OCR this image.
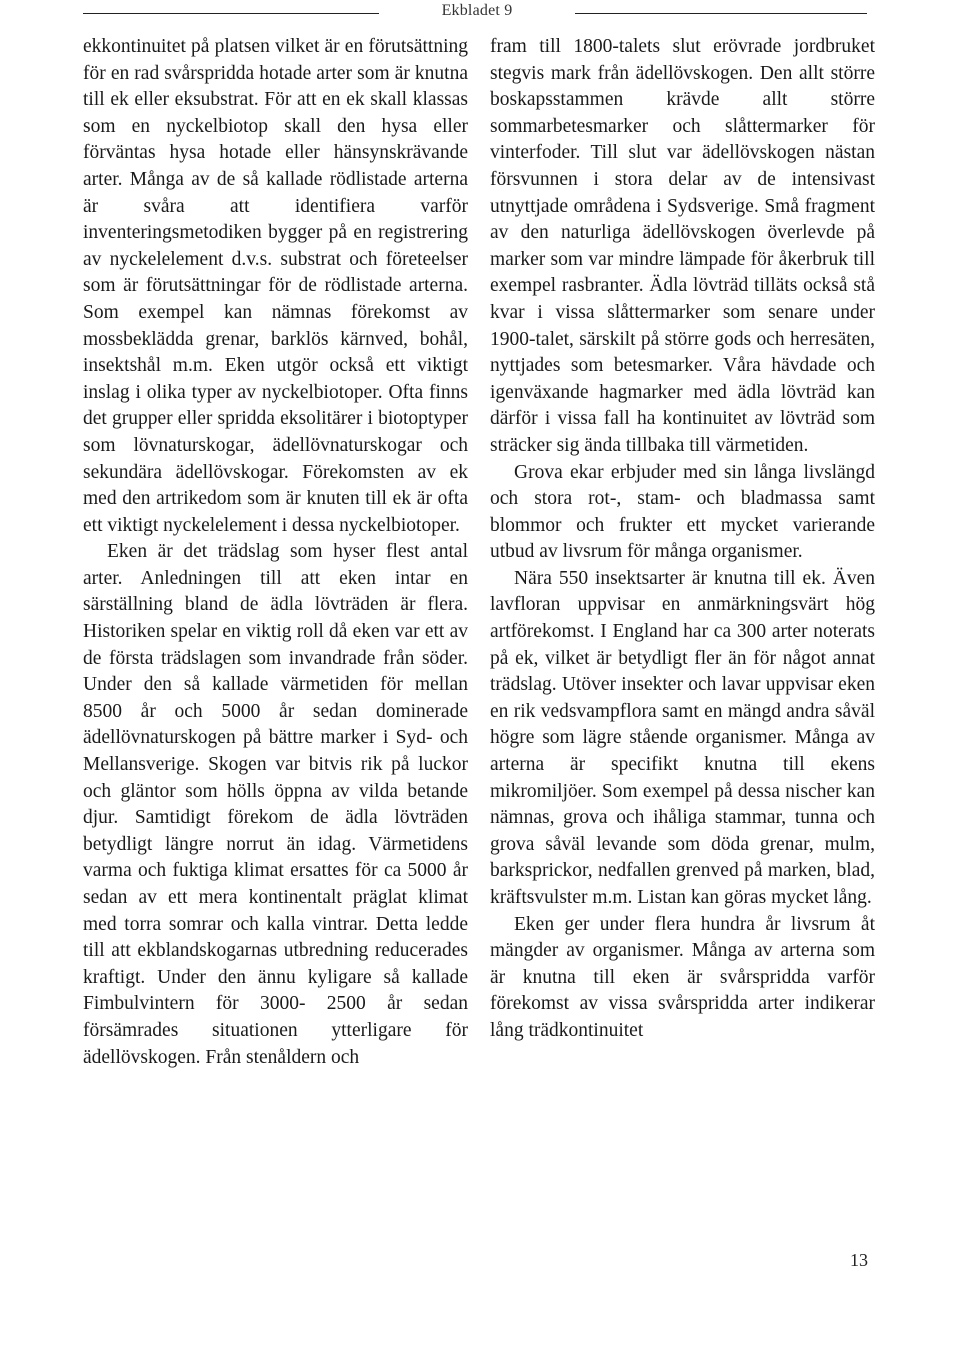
Ekbladet 9

ekkontinuitet på platsen vilket är en förutsättning för en rad svårspridda hotade arter som är knutna till ek eller eksubstrat. För att en ek skall klassas som en nyckelbiotop skall den hysa eller förväntas hysa hotade eller hänsynskrävande arter. Många av de så kallade rödlistade arterna är svåra att identifiera varför inventeringsmetodiken bygger på en registrering av nyckelelement d.v.s. substrat och företeelser som är förutsättningar för de rödlistade arterna. Som exempel kan nämnas förekomst av mossbeklädda grenar, barklös kärnved, bohål, insektshål m.m. Eken utgör också ett viktigt inslag i olika typer av nyckelbiotoper. Ofta finns det grupper eller spridda eksolitärer i biotoptyper som lövnaturskogar, ädellövnaturskogar och sekundära ädellövskogar. Förekomsten av ek med den artrikedom som är knuten till ek är ofta ett viktigt nyckelelement i dessa nyckelbiotoper.

Eken är det trädslag som hyser flest antal arter. Anledningen till att eken intar en särställning bland de ädla lövträden är flera. Historiken spelar en viktig roll då eken var ett av de första trädslagen som invandrade från söder. Under den så kallade värmetiden för mellan 8500 år och 5000 år sedan dominerade ädellövnaturskogen på bättre marker i Syd- och Mellansverige. Skogen var bitvis rik på luckor och gläntor som hölls öppna av vilda betande djur. Samtidigt förekom de ädla lövträden betydligt längre norrut än idag. Värmetidens varma och fuktiga klimat ersattes för ca 5000 år sedan av ett mera kontinentalt präglat klimat med torra somrar och kalla vintrar. Detta ledde till att ekblandskogarnas utbredning reducerades kraftigt. Under den ännu kyligare så kallade Fimbulvintern för 3000- 2500 år sedan försämrades situationen ytterligare för ädellövskogen. Från stenåldern och

fram till 1800-talets slut erövrade jordbruket stegvis mark från ädellövskogen. Den allt större boskapsstammen krävde allt större sommarbetesmarker och slåttermarker för vinterfoder. Till slut var ädellövskogen nästan försvunnen i stora delar av de intensivast utnyttjade områdena i Sydsverige. Små fragment av den naturliga ädellövskogen överlevde på marker som var mindre lämpade för åkerbruk till exempel rasbranter. Ädla lövträd tilläts också stå kvar i vissa slåttermarker som senare under 1900-talet, särskilt på större gods och herresäten, nyttjades som betesmarker. Våra hävdade och igenväxande hagmarker med ädla lövträd kan därför i vissa fall ha kontinuitet av lövträd som sträcker sig ända tillbaka till värmetiden.

Grova ekar erbjuder med sin långa livslängd och stora rot-, stam- och bladmassa samt blommor och frukter ett mycket varierande utbud av livsrum för många organismer.

Nära 550 insektsarter är knutna till ek. Även lavfloran uppvisar en anmärkningsvärt hög artförekomst. I England har ca 300 arter noterats på ek, vilket är betydligt fler än för något annat trädslag. Utöver insekter och lavar uppvisar eken en rik vedsvampflora samt en mängd andra såväl högre som lägre stående organismer. Många av arterna är specifikt knutna till ekens mikromiljöer. Som exempel på dessa nischer kan nämnas, grova och ihåliga stammar, tunna och grova såväl levande som döda grenar, mulm, barksprickor, nedfallen grenved på marken, blad, kräftsvulster m.m. Listan kan göras mycket lång.

Eken ger under flera hundra år livsrum åt mängder av organismer. Många av arterna som är knutna till eken är svårspridda varför förekomst av vissa svårspridda arter indikerar lång trädkontinuitet

13
